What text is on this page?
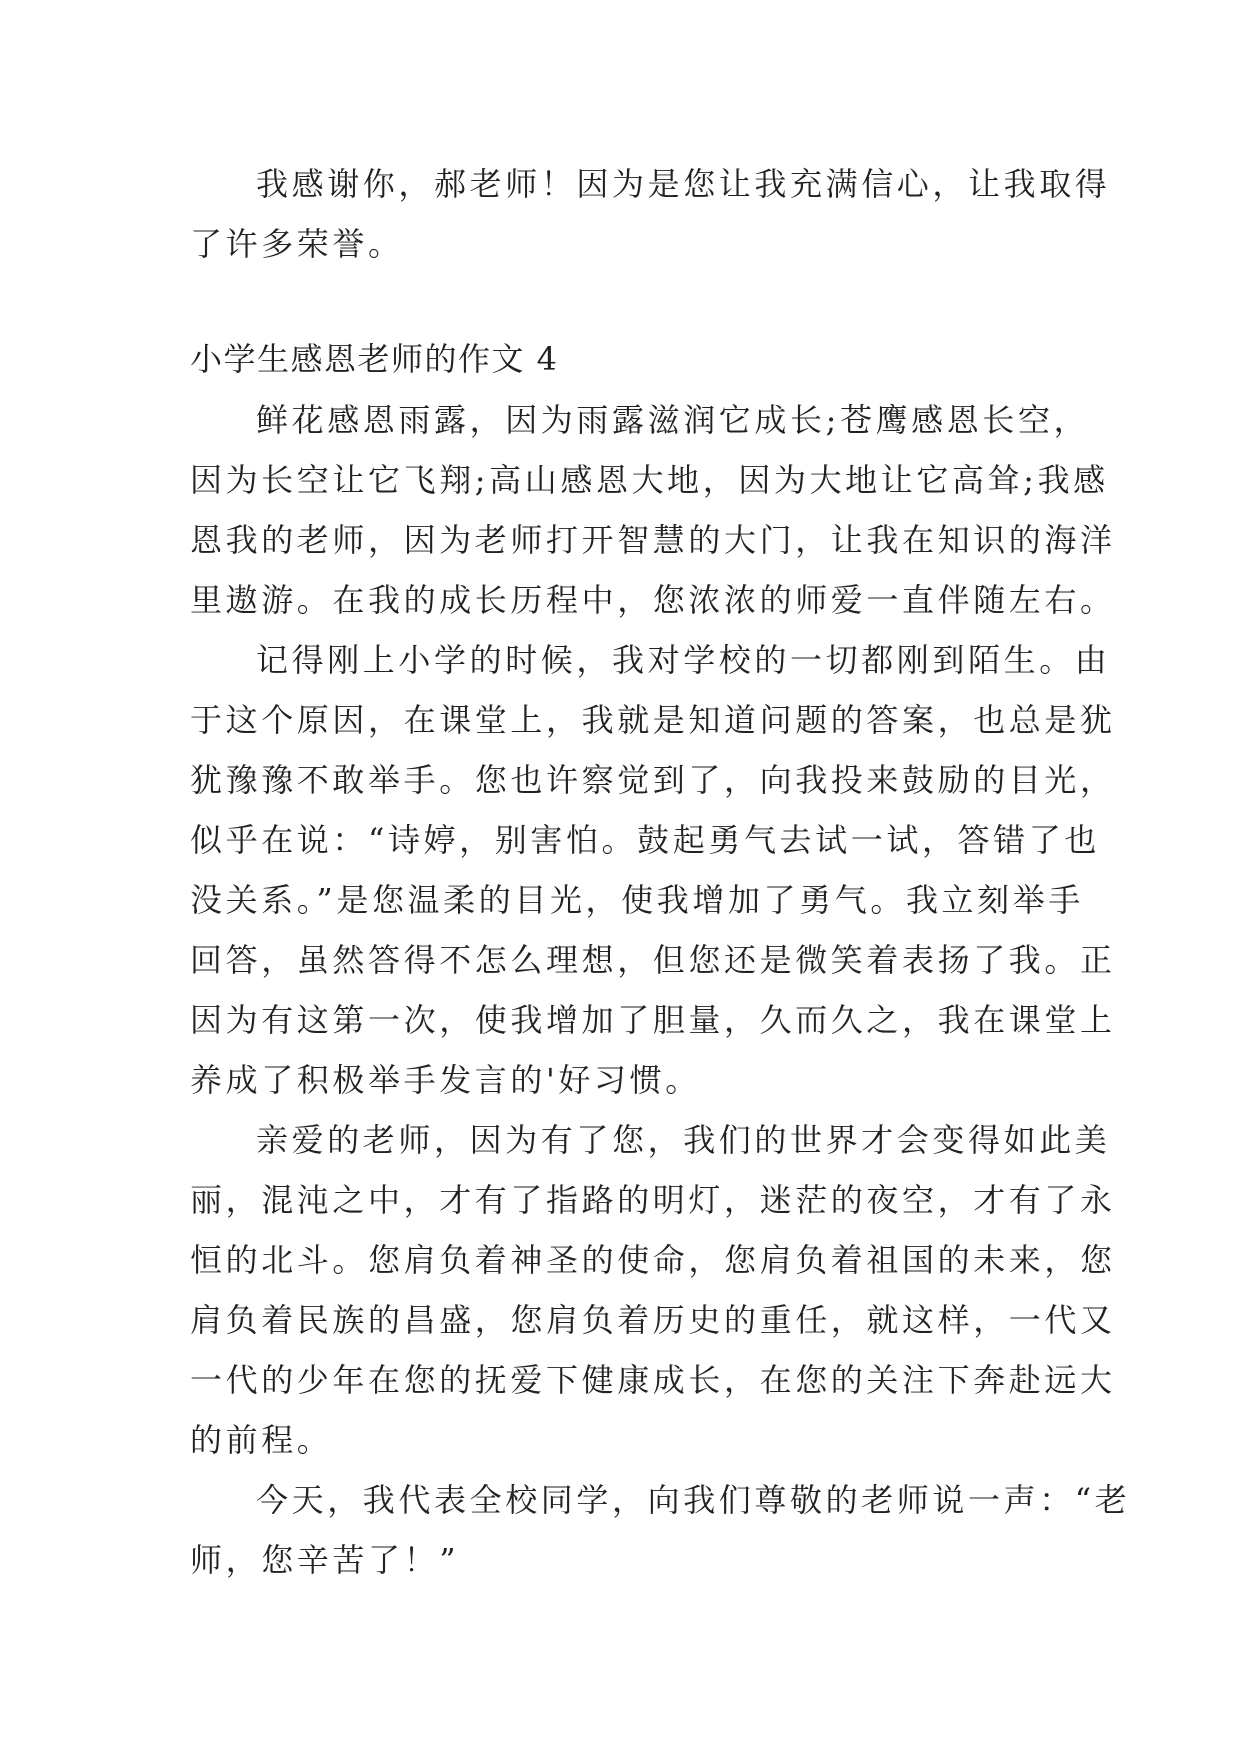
我感谢你，郝老师！因为是您让我充满信心，让我取得
了许多荣誉。
小学生感恩老师的作文 4
鲜花感恩雨露，因为雨露滋润它成长;苍鹰感恩长空，
因为长空让它飞翔;高山感恩大地，因为大地让它高耸;我感
恩我的老师，因为老师打开智慧的大门，让我在知识的海洋
里遨游。在我的成长历程中，您浓浓的师爱一直伴随左右。
记得刚上小学的时候，我对学校的一切都刚到陌生。由
于这个原因，在课堂上，我就是知道问题的答案，也总是犹
犹豫豫不敢举手。您也许察觉到了，向我投来鼓励的目光，
似乎在说：“诗婷，别害怕。鼓起勇气去试一试，答错了也
没关系。”是您温柔的目光，使我增加了勇气。我立刻举手
回答，虽然答得不怎么理想，但您还是微笑着表扬了我。正
因为有这第一次，使我增加了胆量，久而久之，我在课堂上
养成了积极举手发言的'好习惯。
亲爱的老师，因为有了您，我们的世界才会变得如此美
丽，混沌之中，才有了指路的明灯，迷茫的夜空，才有了永
恒的北斗。您肩负着神圣的使命，您肩负着祖国的未来，您
肩负着民族的昌盛，您肩负着历史的重任，就这样，一代又
一代的少年在您的抚爱下健康成长，在您的关注下奔赴远大
的前程。
今天，我代表全校同学，向我们尊敬的老师说一声：“老
师，您辛苦了！”
